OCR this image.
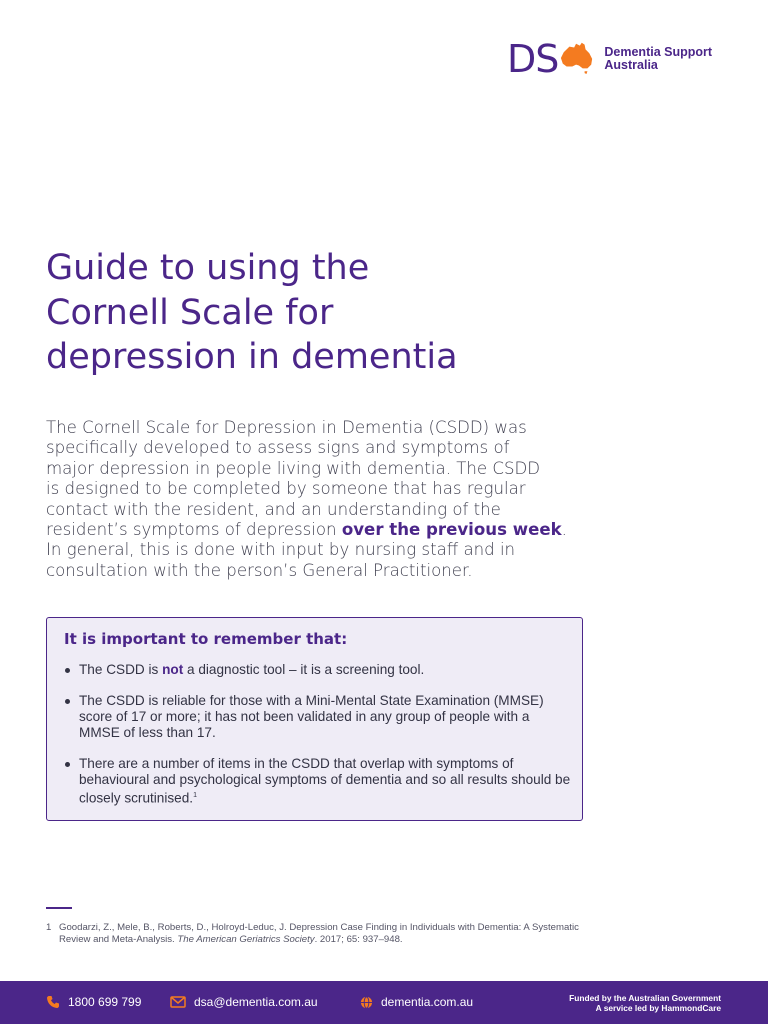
DS	Dementia Support
Australia
Guide to using the
Cornell Scale for
depression in dementia
The Cornell Scale for Depression in Dementia (CSDD) was
specifically developed to assess signs and symptoms of
major depression in people living with dementia. The CSDD
is designed to be completed by someone that has regular
contact with the resident, and an understanding of the
resident’s symptoms of depression over the previous week.
In general, this is done with input by nursing staff and in
consultation with the person’s General Practitioner.
It is important to remember that:
The CSDD is not a diagnostic tool – it is a screening tool.
The CSDD is reliable for those with a Mini-Mental State Examination (MMSE) score of 17 or more; it has not been validated in any group of people with a MMSE of less than 17.
There are a number of items in the CSDD that overlap with symptoms of behavioural and psychological symptoms of dementia and so all results should be closely scrutinised.$^1$
1 Goodarzi, Z., Mele, B., Roberts, D., Holroyd-Leduc, J. Depression Case Finding in Individuals with Dementia: A Systematic Review and Meta-Analysis. The American Geriatrics Society. 2017; 65: 937–948.
1800 699 799	dsa@dementia.com.au	dementia.com.au	Funded by the Australian Government
A service led by HammondCare
